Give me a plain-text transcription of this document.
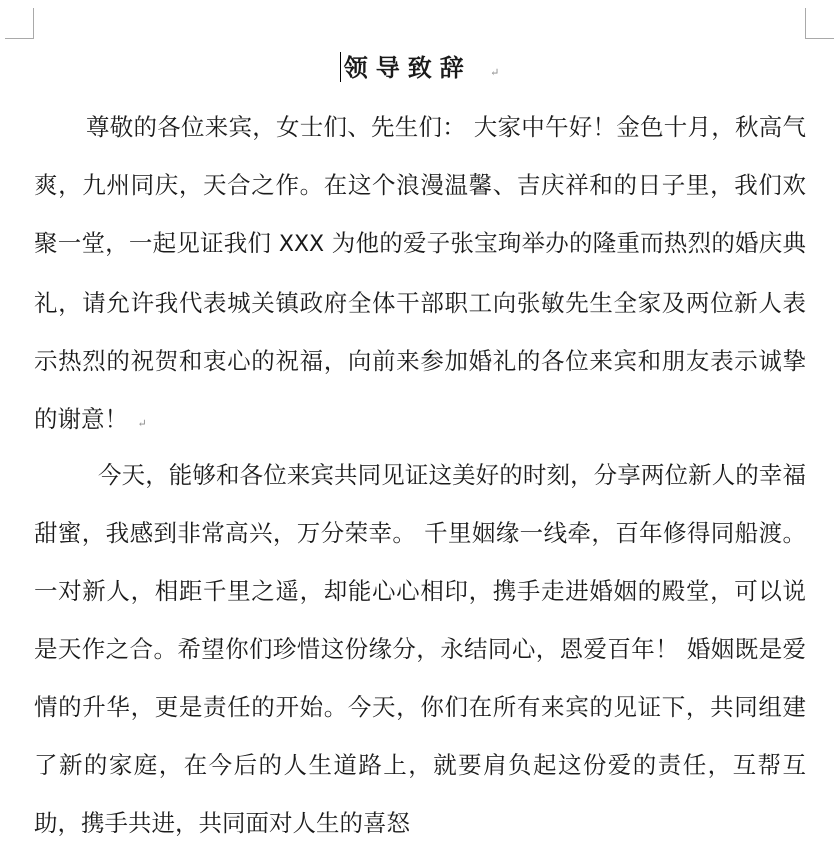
领导致辞 ↵
尊敬的各位来宾，女士们、先生们： 大家中午好！金色十月，秋高气爽，九州同庆，天合之作。在这个浪漫温馨、吉庆祥和的日子里，我们欢聚一堂，一起见证我们 XXX 为他的爱子张宝珣举办的隆重而热烈的婚庆典礼，请允许我代表城关镇政府全体干部职工向张敏先生全家及两位新人表示热烈的祝贺和衷心的祝福，向前来参加婚礼的各位来宾和朋友表示诚挚的谢意！ ↵
今天，能够和各位来宾共同见证这美好的时刻，分享两位新人的幸福甜蜜，我感到非常高兴，万分荣幸。 千里姻缘一线牵，百年修得同船渡。一对新人，相距千里之遥，却能心心相印，携手走进婚姻的殿堂，可以说是天作之合。希望你们珍惜这份缘分，永结同心，恩爱百年！ 婚姻既是爱情的升华，更是责任的开始。今天，你们在所有来宾的见证下，共同组建了新的家庭，在今后的人生道路上，就要肩负起这份爱的责任，互帮互助，携手共进，共同面对人生的喜怒
